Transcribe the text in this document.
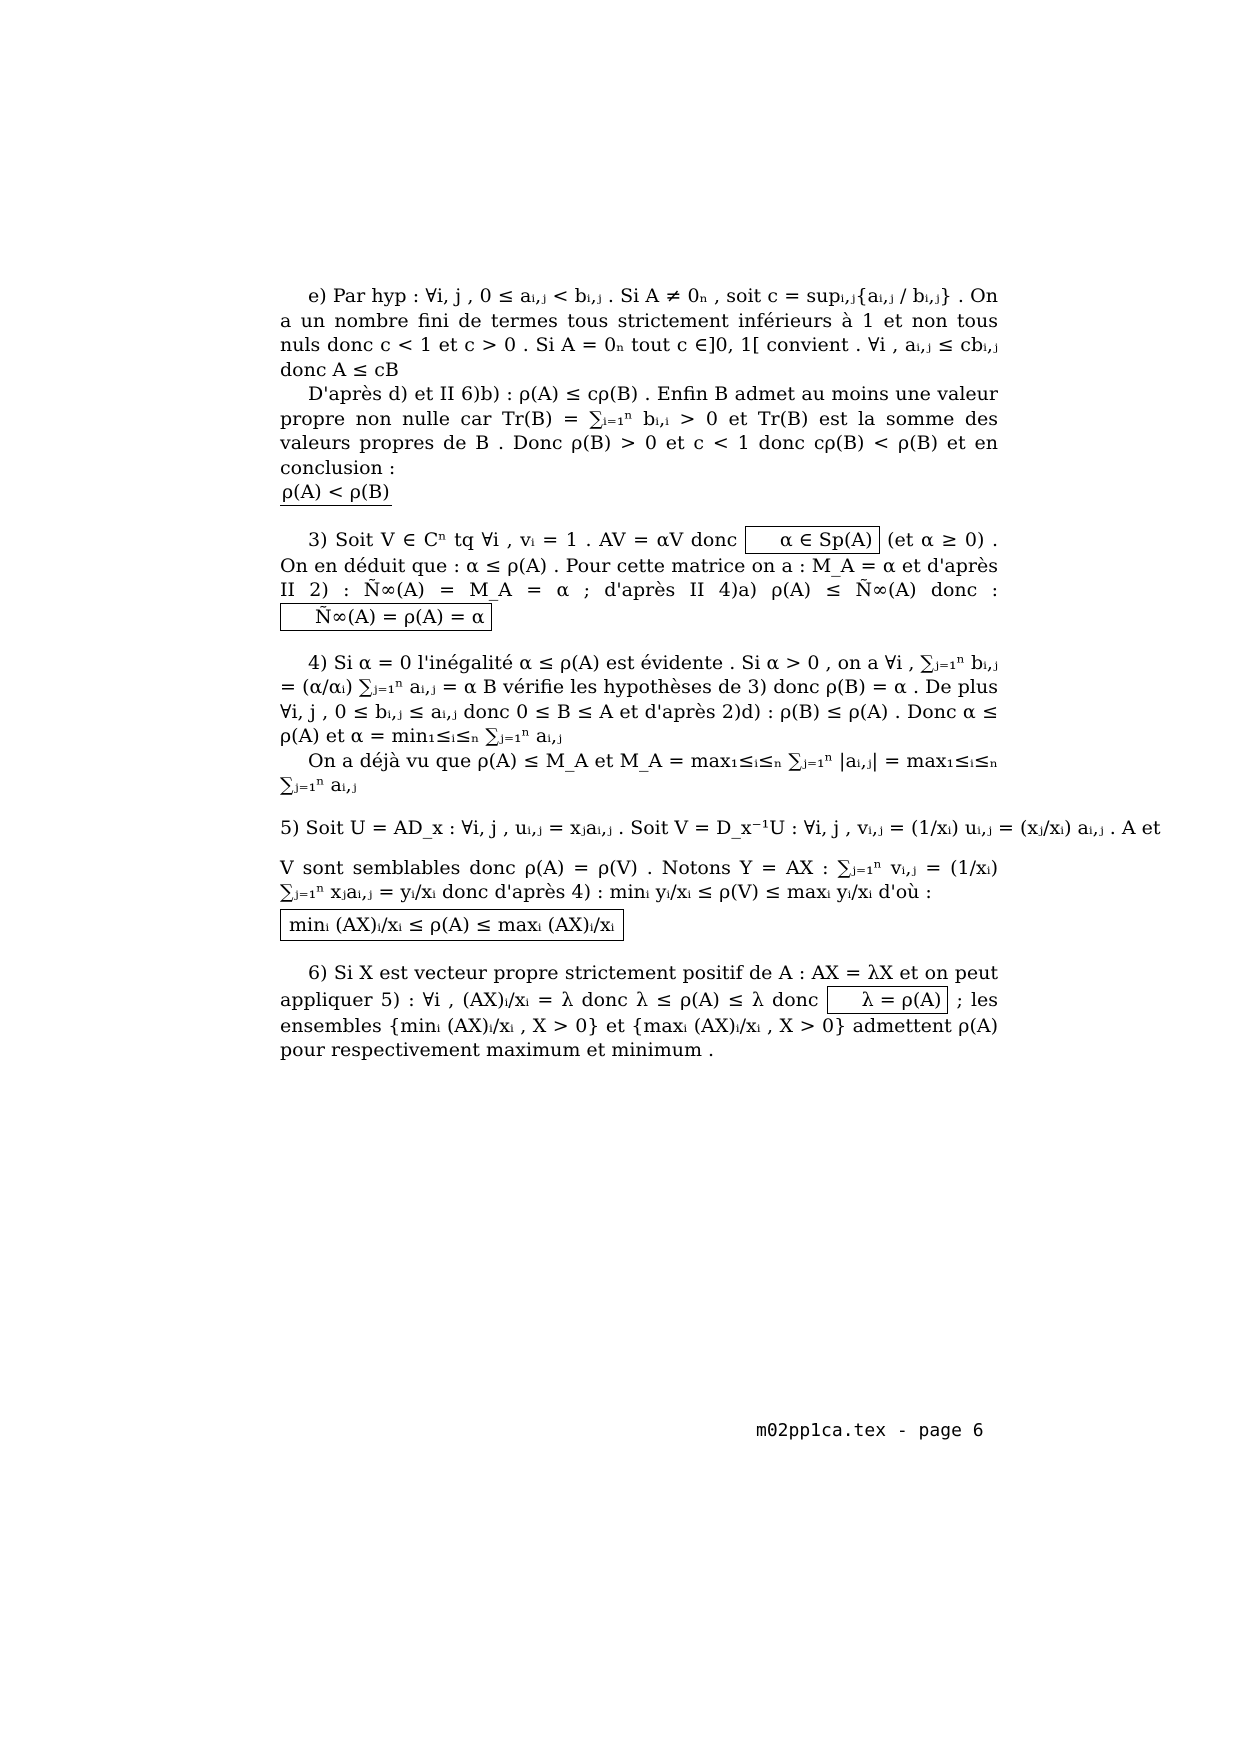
e) Par hyp : ∀i, j , 0 ≤ aᵢ,ⱼ < bᵢ,ⱼ . Si A ≠ 0ₙ , soit c = supᵢ,ⱼ{aᵢ,ⱼ / bᵢ,ⱼ} . On a un nombre fini de termes tous strictement inférieurs à 1 et non tous nuls donc c < 1 et c > 0 . Si A = 0ₙ tout c ∈]0, 1[ convient . ∀i , aᵢ,ⱼ ≤ cbᵢ,ⱼ donc A ≤ cB

D'après d) et II 6)b) : ρ(A) ≤ cρ(B) . Enfin B admet au moins une valeur propre non nulle car Tr(B) = ∑ᵢ₌₁ⁿ bᵢ,ᵢ > 0 et Tr(B) est la somme des valeurs propres de B . Donc ρ(B) > 0 et c < 1 donc cρ(B) < ρ(B) et en conclusion :

ρ(A) < ρ(B)

3) Soit V ∈ Cⁿ tq ∀i , vᵢ = 1 . AV = αV donc α ∈ Sp(A) (et α ≥ 0) . On en déduit que : α ≤ ρ(A) . Pour cette matrice on a : M_A = α et d'après II 2) : Ñ∞(A) = M_A = α ; d'après II 4)a) ρ(A) ≤ Ñ∞(A) donc : Ñ∞(A) = ρ(A) = α

4) Si α = 0 l'inégalité α ≤ ρ(A) est évidente . Si α > 0 , on a ∀i , ∑ⱼ₌₁ⁿ bᵢ,ⱼ = (α/αᵢ) ∑ⱼ₌₁ⁿ aᵢ,ⱼ = α B vérifie les hypothèses de 3) donc ρ(B) = α . De plus ∀i, j , 0 ≤ bᵢ,ⱼ ≤ aᵢ,ⱼ donc 0 ≤ B ≤ A et d'après 2)d) : ρ(B) ≤ ρ(A) . Donc α ≤ ρ(A) et α = min₁≤ᵢ≤ₙ ∑ⱼ₌₁ⁿ aᵢ,ⱼ

On a déjà vu que ρ(A) ≤ M_A et M_A = max₁≤ᵢ≤ₙ ∑ⱼ₌₁ⁿ |aᵢ,ⱼ| = max₁≤ᵢ≤ₙ ∑ⱼ₌₁ⁿ aᵢ,ⱼ

5) Soit U = AD_x : ∀i, j , uᵢ,ⱼ = xⱼaᵢ,ⱼ . Soit V = D_x⁻¹U : ∀i, j , vᵢ,ⱼ = (1/xᵢ) uᵢ,ⱼ = (xⱼ/xᵢ) aᵢ,ⱼ . A et

V sont semblables donc ρ(A) = ρ(V) . Notons Y = AX : ∑ⱼ₌₁ⁿ vᵢ,ⱼ = (1/xᵢ) ∑ⱼ₌₁ⁿ xⱼaᵢ,ⱼ = yᵢ/xᵢ donc d'après 4) : minᵢ yᵢ/xᵢ ≤ ρ(V) ≤ maxᵢ yᵢ/xᵢ d'où :

minᵢ (AX)ᵢ/xᵢ ≤ ρ(A) ≤ maxᵢ (AX)ᵢ/xᵢ

6) Si X est vecteur propre strictement positif de A : AX = λX et on peut appliquer 5) : ∀i , (AX)ᵢ/xᵢ = λ donc λ ≤ ρ(A) ≤ λ donc λ = ρ(A) ; les ensembles {minᵢ (AX)ᵢ/xᵢ , X > 0} et {maxᵢ (AX)ᵢ/xᵢ , X > 0} admettent ρ(A) pour respectivement maximum et minimum .

m02pp1ca.tex - page 6
